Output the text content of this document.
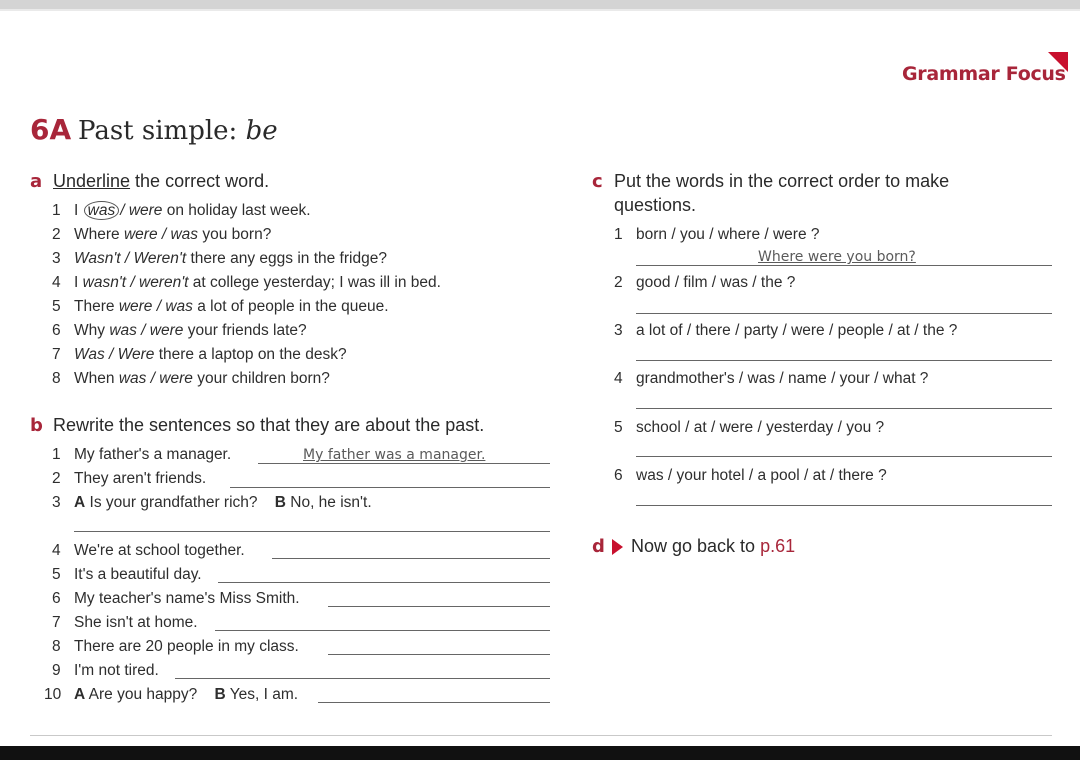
Grammar Focus
6A Past simple: be
a Underline the correct word.
1 I was / were on holiday last week.
2 Where were / was you born?
3 Wasn't / Weren't there any eggs in the fridge?
4 I wasn't / weren't at college yesterday; I was ill in bed.
5 There were / was a lot of people in the queue.
6 Why was / were your friends late?
7 Was / Were there a laptop on the desk?
8 When was / were your children born?
b Rewrite the sentences so that they are about the past.
1 My father's a manager.	My father was a manager.
2 They aren't friends.
3 A Is your grandfather rich? B No, he isn't.
4 We're at school together.
5 It's a beautiful day.
6 My teacher's name's Miss Smith.
7 She isn't at home.
8 There are 20 people in my class.
9 I'm not tired.
10 A Are you happy? B Yes, I am.
c Put the words in the correct order to make
questions.
1 born / you / where / were ?
Where were you born?
2 good / film / was / the ?
3 a lot of / there / party / were / people / at / the ?
4 grandmother's / was / name / your / what ?
5 school / at / were / yesterday / you ?
6 was / your hotel / a pool / at / there ?
d	Now go back to p.61
